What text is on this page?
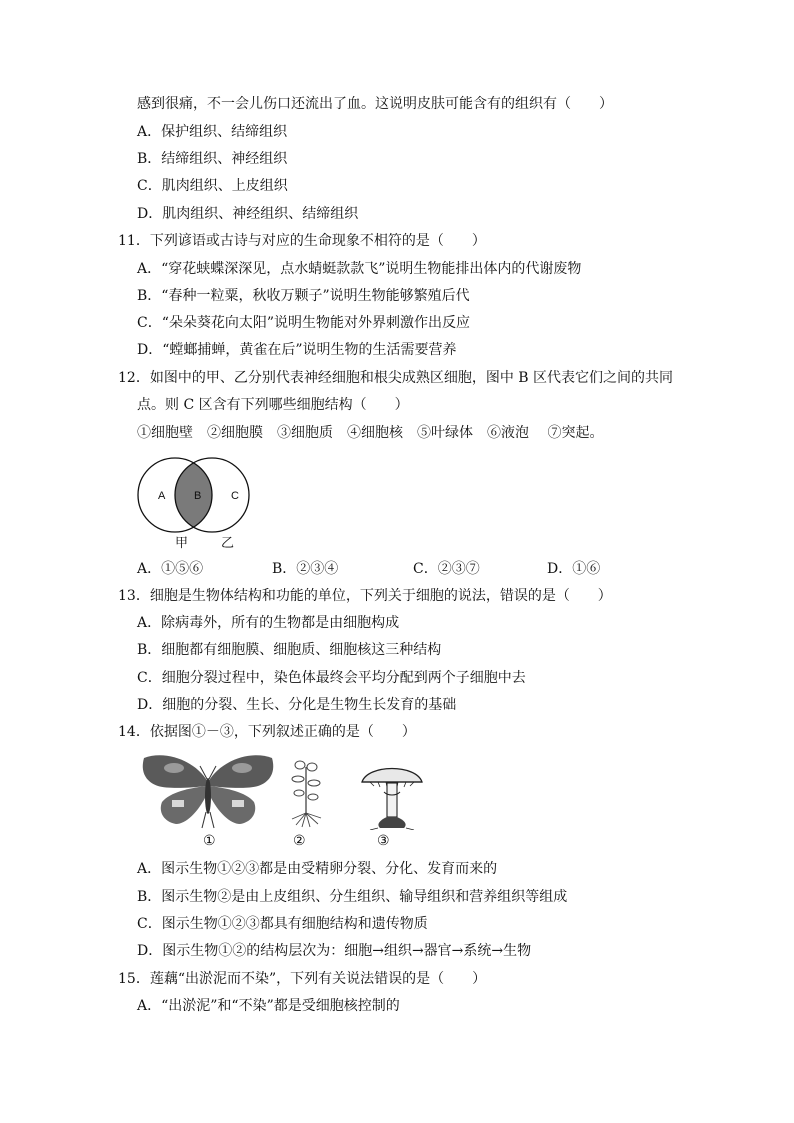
感到很痛，不一会儿伤口还流出了血。这说明皮肤可能含有的组织有（　　）
A．保护组织、结缔组织
B．结缔组织、神经组织
C．肌肉组织、上皮组织
D．肌肉组织、神经组织、结缔组织
11．下列谚语或古诗与对应的生命现象不相符的是（　　）
A．“穿花蛱蝶深深见，点水蜻蜓款款飞”说明生物能排出体内的代谢废物
B．“春种一粒粟，秋收万颗子”说明生物能够繁殖后代
C．“朵朵葵花向太阳”说明生物能对外界刺激作出反应
D．“螳螂捕蝉，黄雀在后”说明生物的生活需要营养
12．如图中的甲、乙分别代表神经细胞和根尖成熟区细胞，图中 B 区代表它们之间的共同
点。则 C 区含有下列哪些细胞结构（　　）
①细胞壁　②细胞膜　③细胞质　④细胞核　⑤叶绿体　⑥液泡　 ⑦突起。
A	B	C
甲	乙
A．①⑤⑥	B．②③④	C．②③⑦	D．①⑥
13．细胞是生物体结构和功能的单位，下列关于细胞的说法，错误的是（　　）
A．除病毒外，所有的生物都是由细胞构成
B．细胞都有细胞膜、细胞质、细胞核这三种结构
C．细胞分裂过程中，染色体最终会平均分配到两个子细胞中去
D．细胞的分裂、生长、分化是生物生长发育的基础
14．依据图①－③，下列叙述正确的是（　　）
①	②	③
A．图示生物①②③都是由受精卵分裂、分化、发育而来的
B．图示生物②是由上皮组织、分生组织、输导组织和营养组织等组成
C．图示生物①②③都具有细胞结构和遗传物质
D．图示生物①②的结构层次为：细胞→组织→器官→系统→生物
15．莲藕“出淤泥而不染”，下列有关说法错误的是（　　）
A．“出淤泥”和“不染”都是受细胞核控制的
